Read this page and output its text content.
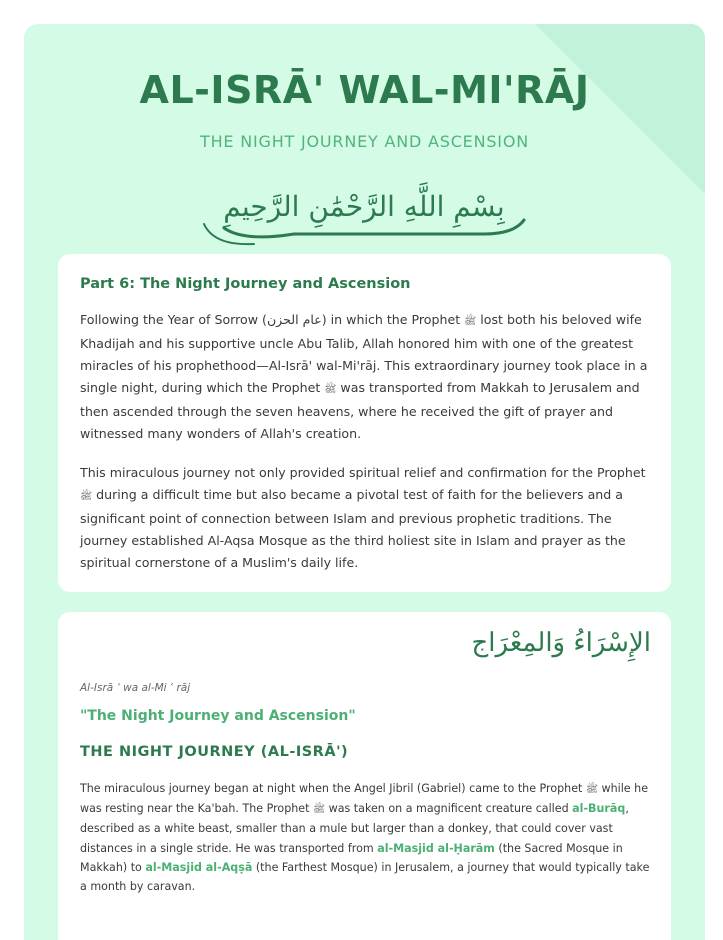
AL-ISRĀ' WAL-MI'RĀJ

THE NIGHT JOURNEY AND ASCENSION

بِسْمِ اللَّهِ الرَّحْمَٰنِ الرَّحِيمِ
Part 6: The Night Journey and Ascension

Following the Year of Sorrow (عام الحزن) in which the Prophet ﷺ lost both his beloved wife Khadijah and his supportive uncle Abu Talib, Allah honored him with one of the greatest miracles of his prophethood—Al-Isrā' wal-Mi'rāj. This extraordinary journey took place in a single night, during which the Prophet ﷺ was transported from Makkah to Jerusalem and then ascended through the seven heavens, where he received the gift of prayer and witnessed many wonders of Allah's creation.

This miraculous journey not only provided spiritual relief and confirmation for the Prophet ﷺ during a difficult time but also became a pivotal test of faith for the believers and a significant point of connection between Islam and previous prophetic traditions. The journey established Al-Aqsa Mosque as the third holiest site in Islam and prayer as the spiritual cornerstone of a Muslim's daily life.

الإِسْرَاءُ وَالمِعْرَاج
Al-Isrā ʾ wa al-Mi ʿ rāj
"The Night Journey and Ascension"
THE NIGHT JOURNEY (AL-ISRĀ')

The miraculous journey began at night when the Angel Jibril (Gabriel) came to the Prophet ﷺ while he was resting near the Ka'bah. The Prophet ﷺ was taken on a magnificent creature called al-Burāq, described as a white beast, smaller than a mule but larger than a donkey, that could cover vast distances in a single stride. He was transported from al-Masjid al-Ḥarām (the Sacred Mosque in Makkah) to al-Masjid al-Aqṣā (the Farthest Mosque) in Jerusalem, a journey that would typically take a month by caravan.
